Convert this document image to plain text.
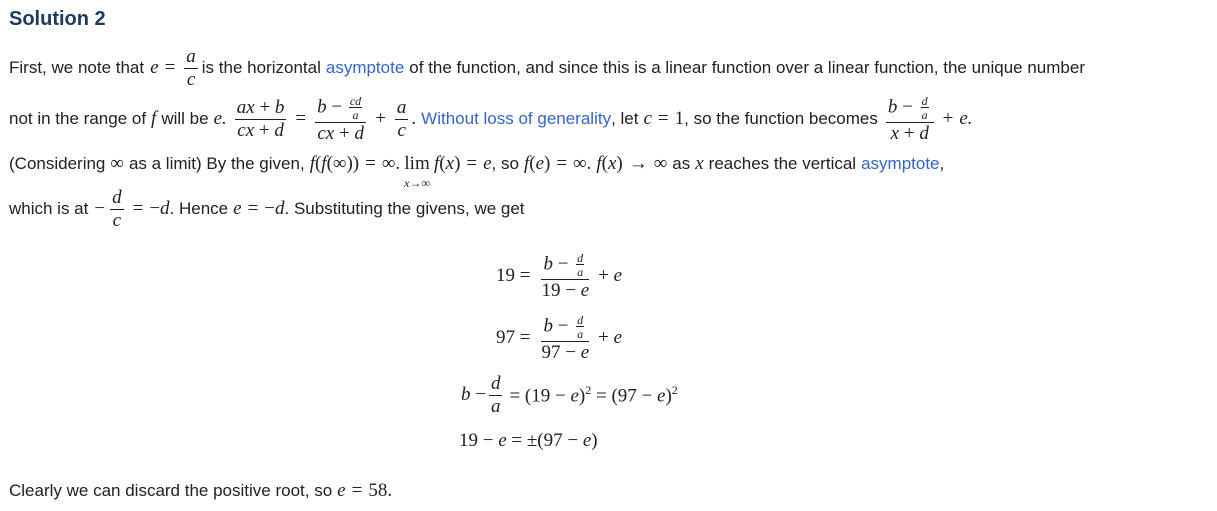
Solution 2
First, we note that $e = \frac{a}{c}$ is the horizontal asymptote of the function, and since this is a linear function over a linear function, the unique number
not in the range of f will be e. $\frac{ax + b}{cx + d} = \frac{b - \frac{cd}{a}}{cx + d} + \frac{a}{c}$ . Without loss of generality , let c = 1 , so the function becomes $\frac{b - \frac{d}{a}}{x + d} + e$.
(Considering ∞ as a limit) By the given, f(f(∞)) = ∞. lim
x→∞
f(x) = e , so f(e) = ∞. f(x) → ∞ as x reaches the vertical asymptote ,
which is at − $\frac{d}{c} = -d$ . Hence e = −d . Substituting the givens, we get
$19 = \frac{b - \frac{d}{a}}{19 - e} + e$
$97 = \frac{b - \frac{d}{a}}{97 - e} + e$
$b - \frac{d}{a} = (19 - e)^2 = (97 - e)^2$
19 − e = ±(97 − e)
Clearly we can discard the positive root, so e = 58.
